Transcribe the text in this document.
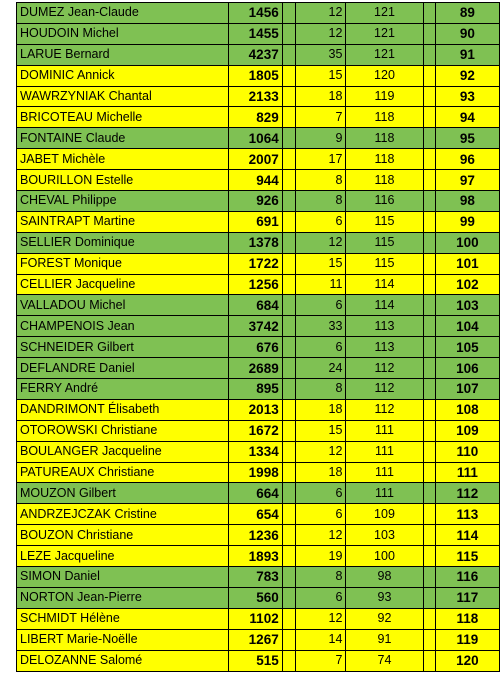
DUMEZ Jean-Claude	1456		12	121		89
HOUDOIN Michel	1455		12	121		90
LARUE Bernard	4237		35	121		91
DOMINIC Annick	1805		15	120		92
WAWRZYNIAK Chantal	2133		18	119		93
BRICOTEAU Michelle	829		7	118		94
FONTAINE Claude	1064		9	118		95
JABET Michèle	2007		17	118		96
BOURILLON Estelle	944		8	118		97
CHEVAL Philippe	926		8	116		98
SAINTRAPT Martine	691		6	115		99
SELLIER Dominique	1378		12	115		100
FOREST Monique	1722		15	115		101
CELLIER Jacqueline	1256		11	114		102
VALLADOU Michel	684		6	114		103
CHAMPENOIS Jean	3742		33	113		104
SCHNEIDER Gilbert	676		6	113		105
DEFLANDRE Daniel	2689		24	112		106
FERRY André	895		8	112		107
DANDRIMONT Élisabeth	2013		18	112		108
OTOROWSKI Christiane	1672		15	111		109
BOULANGER Jacqueline	1334		12	111		110
PATUREAUX Christiane	1998		18	111		111
MOUZON Gilbert	664		6	111		112
ANDRZEJCZAK Cristine	654		6	109		113
BOUZON Christiane	1236		12	103		114
LEZE Jacqueline	1893		19	100		115
SIMON Daniel	783		8	98		116
NORTON Jean-Pierre	560		6	93		117
SCHMIDT Hélène	1102		12	92		118
LIBERT Marie-Noëlle	1267		14	91		119
DELOZANNE Salomé	515		7	74		120
